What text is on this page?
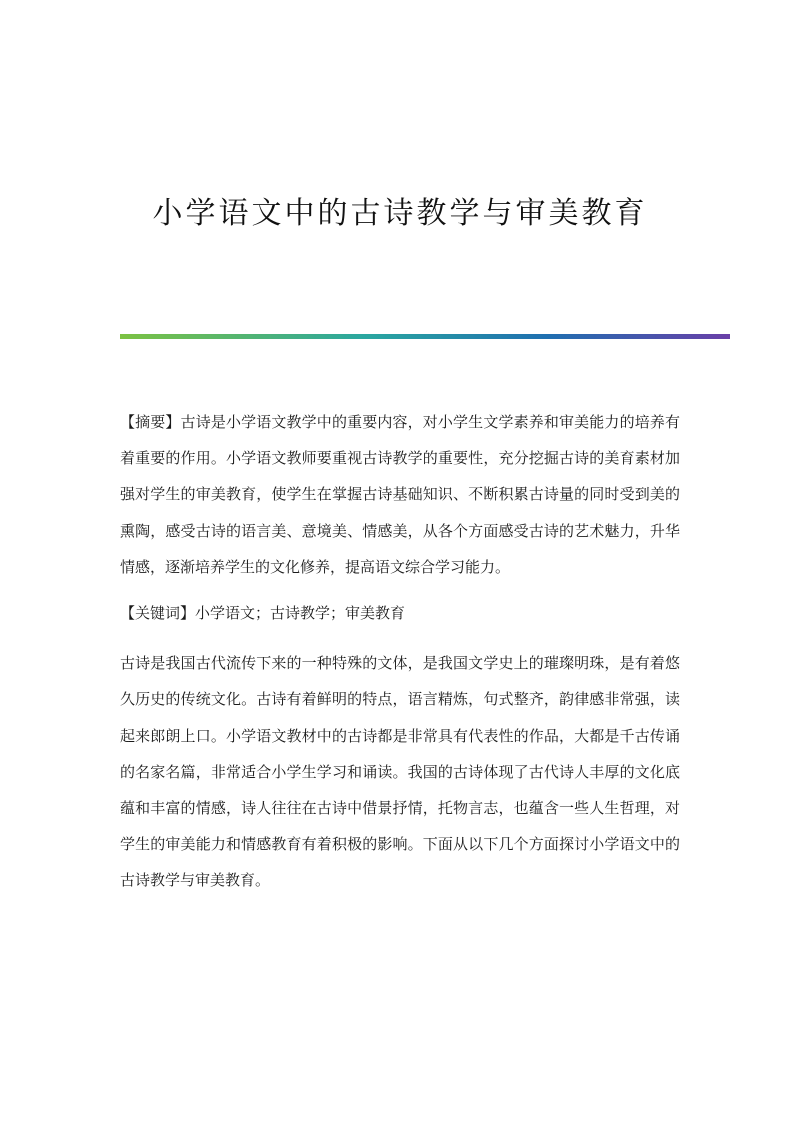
小学语文中的古诗教学与审美教育

【摘要】古诗是小学语文教学中的重要内容，对小学生文学素养和审美能力的培养有着重要的作用。小学语文教师要重视古诗教学的重要性，充分挖掘古诗的美育素材加强对学生的审美教育，使学生在掌握古诗基础知识、不断积累古诗量的同时受到美的熏陶，感受古诗的语言美、意境美、情感美，从各个方面感受古诗的艺术魅力，升华情感，逐渐培养学生的文化修养，提高语文综合学习能力。

【关键词】小学语文；古诗教学；审美教育

古诗是我国古代流传下来的一种特殊的文体，是我国文学史上的璀璨明珠，是有着悠久历史的传统文化。古诗有着鲜明的特点，语言精炼，句式整齐，韵律感非常强，读起来郎朗上口。小学语文教材中的古诗都是非常具有代表性的作品，大都是千古传诵的名家名篇，非常适合小学生学习和诵读。我国的古诗体现了古代诗人丰厚的文化底蕴和丰富的情感，诗人往往在古诗中借景抒情，托物言志，也蕴含一些人生哲理，对学生的审美能力和情感教育有着积极的影响。下面从以下几个方面探讨小学语文中的古诗教学与审美教育。
